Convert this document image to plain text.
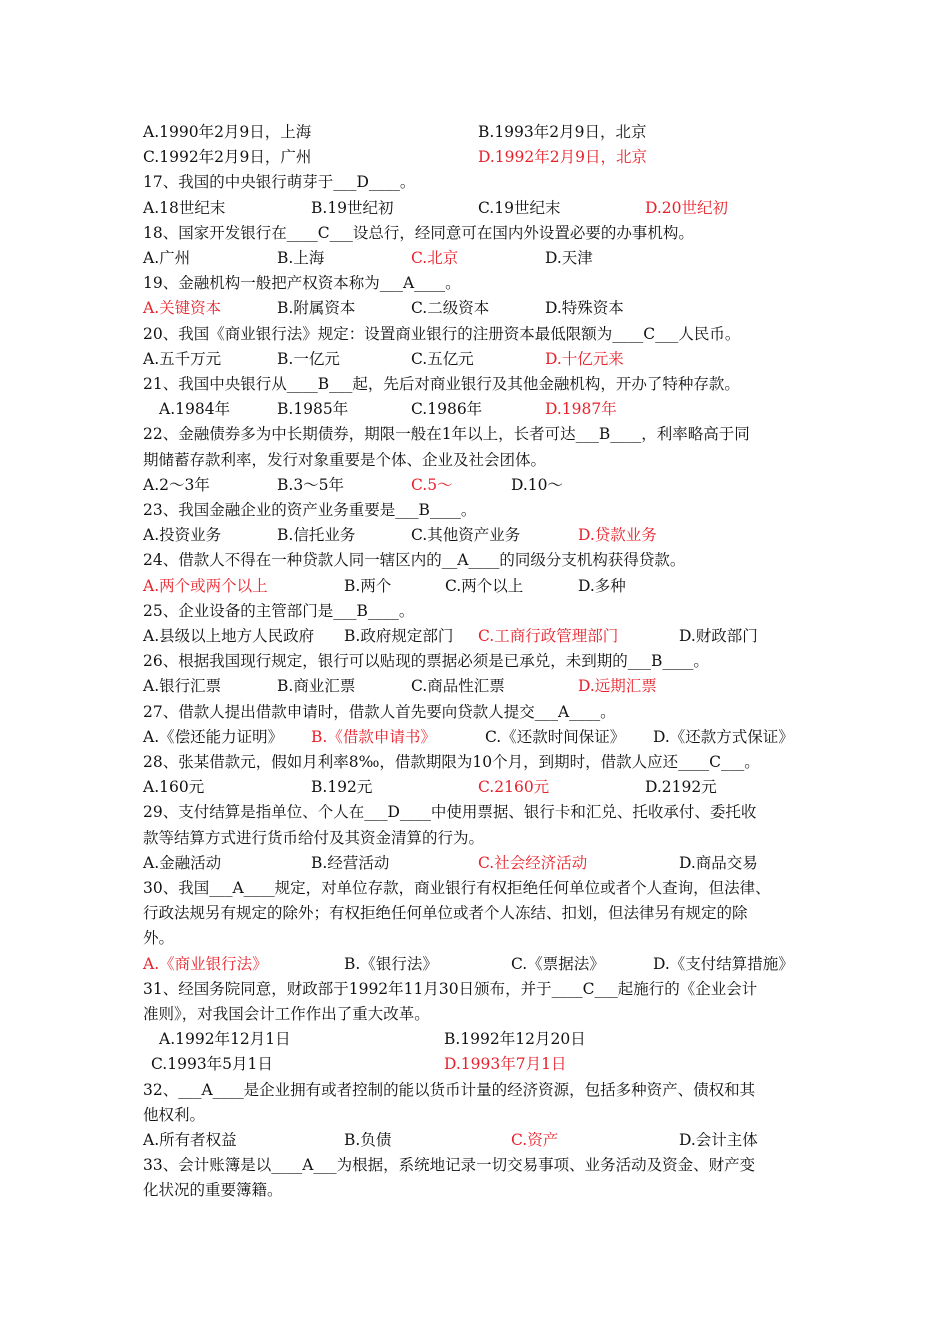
A.1990年2月9日，上海	B.1993年2月9日，北京
C.1992年2月9日，广州	D.1992年2月9日，北京
17、我国的中央银行萌芽于___D____。
A.18世纪末	B.19世纪初	C.19世纪末	D.20世纪初
18、国家开发银行在____C___设总行，经同意可在国内外设置必要的办事机构。
A.广州	B.上海	C.北京	D.天津
19、金融机构一般把产权资本称为___A____。
A.关键资本	B.附属资本	C.二级资本	D.特殊资本
20、我国《商业银行法》规定：设置商业银行的注册资本最低限额为____C___人民币。
A.五千万元	B.一亿元	C.五亿元	D.十亿元来
21、我国中央银行从____B___起，先后对商业银行及其他金融机构，开办了特种存款。
A.1984年	B.1985年	C.1986年	D.1987年
22、金融债券多为中长期债券，期限一般在1年以上，长者可达___B____，利率略高于同
期储蓄存款利率，发行对象重要是个体、企业及社会团体。
A.2～3年	B.3～5年	C.5～	D.10～
23、我国金融企业的资产业务重要是___B____。
A.投资业务	B.信托业务	C.其他资产业务	D.贷款业务
24、借款人不得在一种贷款人同一辖区内的__A____的同级分支机构获得贷款。
A.两个或两个以上	B.两个	C.两个以上	D.多种
25、企业设备的主管部门是___B____。
A.县级以上地方人民政府 B.政府规定部门 C.工商行政管理部门	D.财政部门
26、根据我国现行规定，银行可以贴现的票据必须是已承兑，未到期的___B____。
A.银行汇票	B.商业汇票	C.商品性汇票	D.远期汇票
27、借款人提出借款申请时，借款人首先要向贷款人提交___A____。
A.《偿还能力证明》 B.《借款申请书》	C.《还款时间保证》 D.《还款方式保证》
28、张某借款元，假如月利率8‰，借款期限为10个月，到期时，借款人应还____C___。
A.160元	B.192元	C.2160元	D.2192元
29、支付结算是指单位、个人在___D____中使用票据、银行卡和汇兑、托收承付、委托收
款等结算方式进行货币给付及其资金清算的行为。
A.金融活动	B.经营活动	C.社会经济活动	D.商品交易
30、我国___A____规定，对单位存款，商业银行有权拒绝任何单位或者个人查询，但法律、
行政法规另有规定的除外；有权拒绝任何单位或者个人冻结、扣划，但法律另有规定的除
外。
A.《商业银行法》	B.《银行法》	C.《票据法》	D.《支付结算措施》
31、经国务院同意，财政部于1992年11月30日颁布，并于____C___起施行的《企业会计
准则》，对我国会计工作作出了重大改革。
A.1992年12月1日	B.1992年12月20日
C.1993年5月1日	D.1993年7月1日
32、___A____是企业拥有或者控制的能以货币计量的经济资源，包括多种资产、债权和其
他权利。
A.所有者权益	B.负债	C.资产	D.会计主体
33、会计账簿是以____A___为根据，系统地记录一切交易事项、业务活动及资金、财产变
化状况的重要簿籍。
